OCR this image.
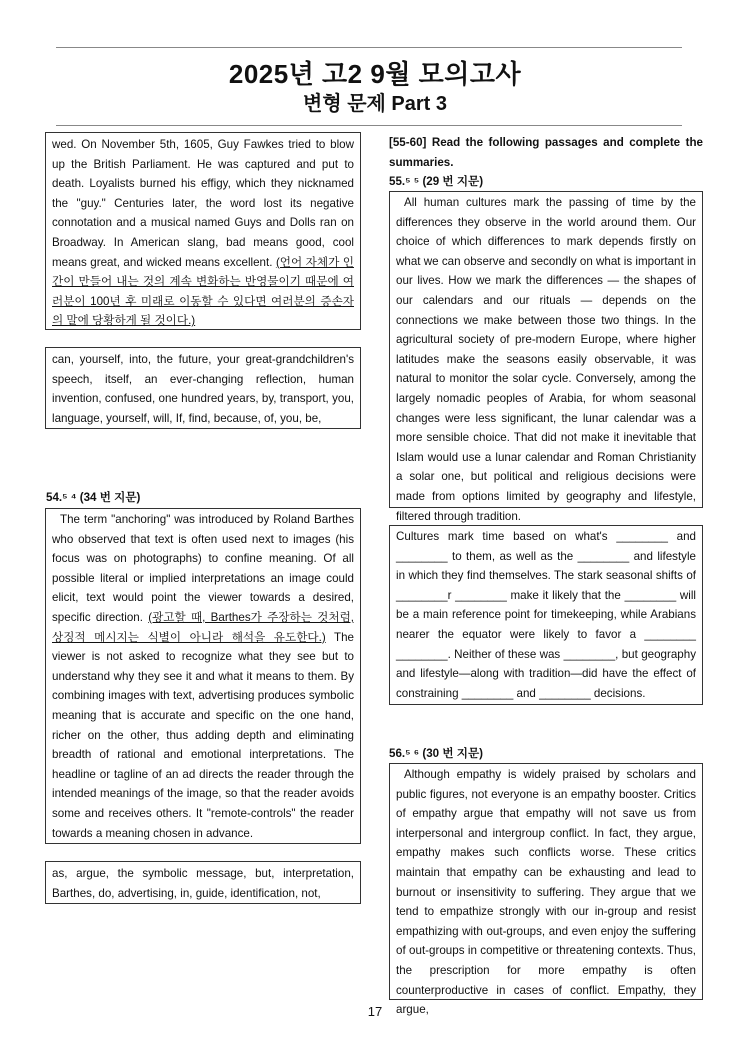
2025년 고2 9월 모의고사
변형 문제 Part 3

wed. On November 5th, 1605, Guy Fawkes tried to blow up the British Parliament. He was captured and put to death. Loyalists burned his effigy, which they nicknamed the "guy." Centuries later, the word lost its negative connotation and a musical named Guys and Dolls ran on Broadway. In American slang, bad means good, cool means great, and wicked means excellent. (언어 자체가 인간이 만들어 내는 것의 계속 변화하는 반영물이기 때문에 여러분이 100년 후 미래로 이동할 수 있다면 여러분의 증손자의 말에 당황하게 될 것이다.)

can, yourself, into, the future, your great-grandchildren's speech, itself, an ever-changing reflection, human invention, confused, one hundred years, by, transport, you, language, yourself, will, If, find, because, of, you, be,

54.⁵ ⁴ (34 번 지문)

The term "anchoring" was introduced by Roland Barthes who observed that text is often used next to images (his focus was on photographs) to confine meaning. Of all possible literal or implied interpretations an image could elicit, text would point the viewer towards a desired, specific direction. (광고할 때, Barthes가 주장하는 것처럼, 상징적 메시지는 식별이 아니라 해석을 유도한다.) The viewer is not asked to recognize what they see but to understand why they see it and what it means to them. By combining images with text, advertising produces symbolic meaning that is accurate and specific on the one hand, richer on the other, thus adding depth and eliminating breadth of rational and emotional interpretations. The headline or tagline of an ad directs the reader through the intended meanings of the image, so that the reader avoids some and receives others. It "remote-controls" the reader towards a meaning chosen in advance.

as, argue, the symbolic message, but, interpretation, Barthes, do, advertising, in, guide, identification, not,

[55-60] Read the following passages and complete the summaries.
55.⁵ ⁵ (29 번 지문)

All human cultures mark the passing of time by the differences they observe in the world around them. Our choice of which differences to mark depends firstly on what we can observe and secondly on what is important in our lives. How we mark the differences — the shapes of our calendars and our rituals — depends on the connections we make between those two things. In the agricultural society of pre-modern Europe, where higher latitudes make the seasons easily observable, it was natural to monitor the solar cycle. Conversely, among the largely nomadic peoples of Arabia, for whom seasonal changes were less significant, the lunar calendar was a more sensible choice. That did not make it inevitable that Islam would use a lunar calendar and Roman Christianity a solar one, but political and religious decisions were made from options limited by geography and lifestyle, filtered through tradition.

Cultures mark time based on what's ________ and ________ to them, as well as the ________ and lifestyle in which they find themselves. The stark seasonal shifts of ________r ________ make it likely that the ________ will be a main reference point for timekeeping, while Arabians nearer the equator were likely to favor a ________ ________. Neither of these was ________, but geography and lifestyle—along with tradition—did have the effect of constraining ________ and ________ decisions.

56.⁵ ⁶ (30 번 지문)

Although empathy is widely praised by scholars and public figures, not everyone is an empathy booster. Critics of empathy argue that empathy will not save us from interpersonal and intergroup conflict. In fact, they argue, empathy makes such conflicts worse. These critics maintain that empathy can be exhausting and lead to burnout or insensitivity to suffering. They argue that we tend to empathize strongly with our in-group and resist empathizing with out-groups, and even enjoy the suffering of out-groups in competitive or threatening contexts. Thus, the prescription for more empathy is often counterproductive in cases of conflict. Empathy, they argue,

17
